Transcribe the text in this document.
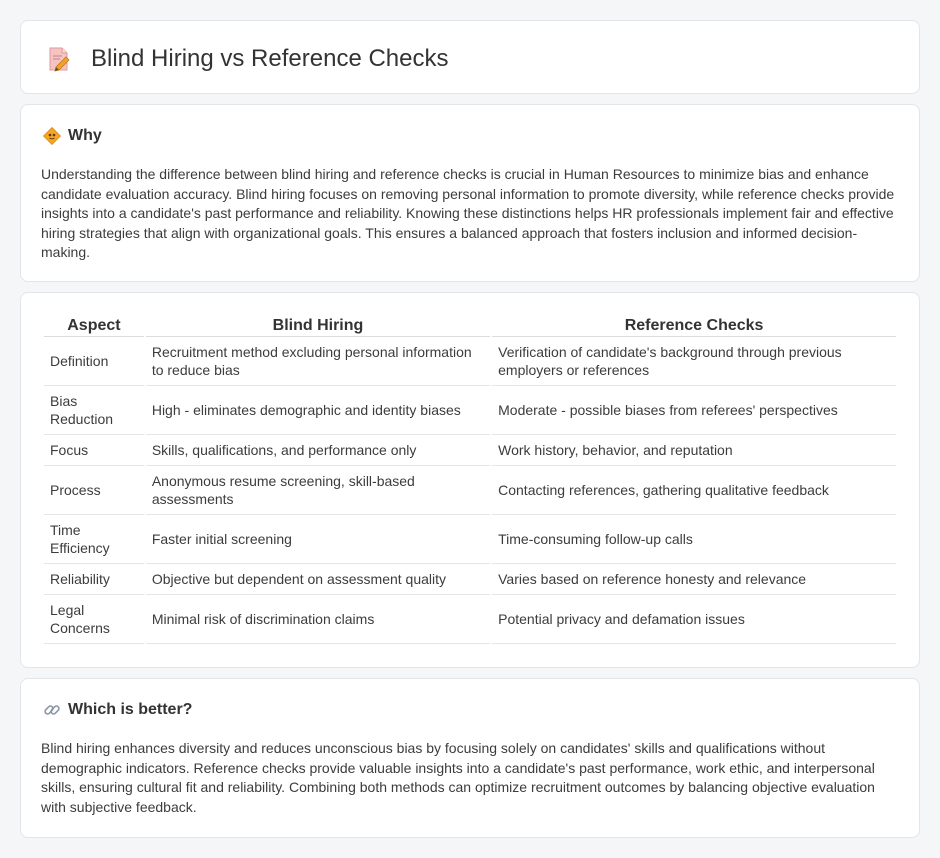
Blind Hiring vs Reference Checks
Why

Understanding the difference between blind hiring and reference checks is crucial in Human Resources to minimize bias and enhance candidate evaluation accuracy. Blind hiring focuses on removing personal information to promote diversity, while reference checks provide insights into a candidate's past performance and reliability. Knowing these distinctions helps HR professionals implement fair and effective hiring strategies that align with organizational goals. This ensures a balanced approach that fosters inclusion and informed decision-making.

Aspect	Blind Hiring	Reference Checks
Definition	Recruitment method excluding personal information to reduce bias	Verification of candidate's background through previous employers or references
Bias Reduction	High - eliminates demographic and identity biases	Moderate - possible biases from referees' perspectives
Focus	Skills, qualifications, and performance only	Work history, behavior, and reputation
Process	Anonymous resume screening, skill-based assessments	Contacting references, gathering qualitative feedback
Time Efficiency	Faster initial screening	Time-consuming follow-up calls
Reliability	Objective but dependent on assessment quality	Varies based on reference honesty and relevance
Legal Concerns	Minimal risk of discrimination claims	Potential privacy and defamation issues
Which is better?

Blind hiring enhances diversity and reduces unconscious bias by focusing solely on candidates' skills and qualifications without demographic indicators. Reference checks provide valuable insights into a candidate's past performance, work ethic, and interpersonal skills, ensuring cultural fit and reliability. Combining both methods can optimize recruitment outcomes by balancing objective evaluation with subjective feedback.
